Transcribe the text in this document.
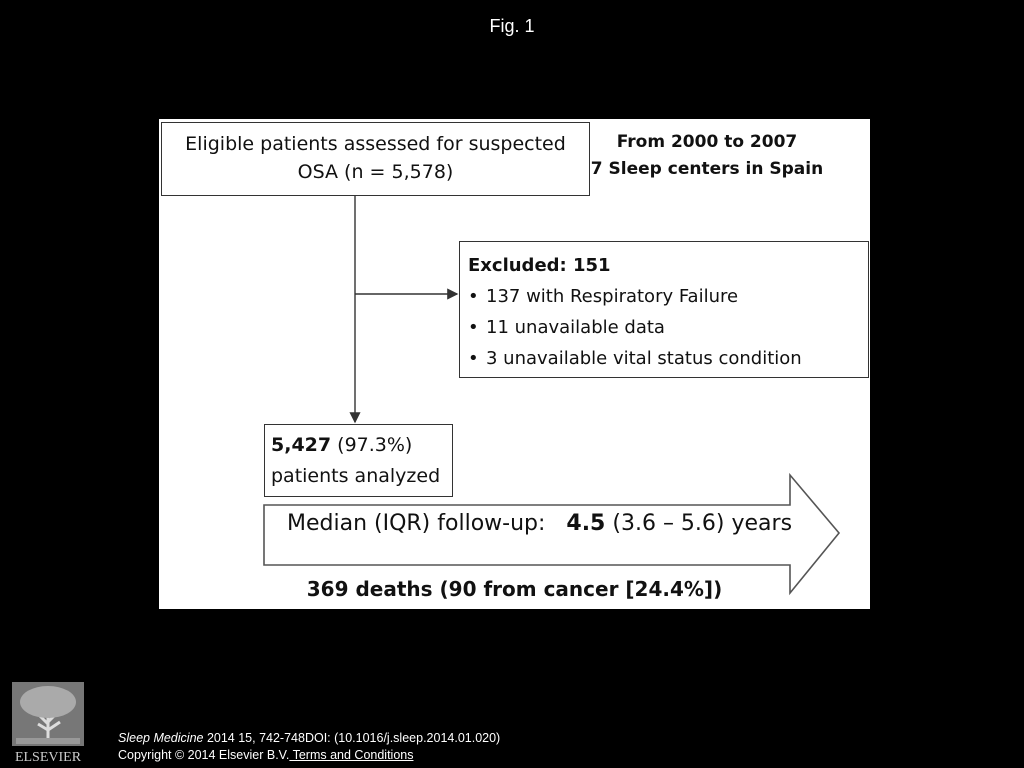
Fig. 1
Eligible patients assessed for suspected
OSA (n = 5,578)
From 2000 to 2007
7 Sleep centers in Spain
Excluded: 151
• 137 with Respiratory Failure
• 11 unavailable data
• 3 unavailable vital status condition
5,427 (97.3%)
patients analyzed
Median (IQR) follow-up: 4.5 (3.6 – 5.6) years
369 deaths (90 from cancer [24.4%])
ELSEVIER
Sleep Medicine 2014 15, 742-748DOI: (10.1016/j.sleep.2014.01.020)
Copyright © 2014 Elsevier B.V. Terms and Conditions
